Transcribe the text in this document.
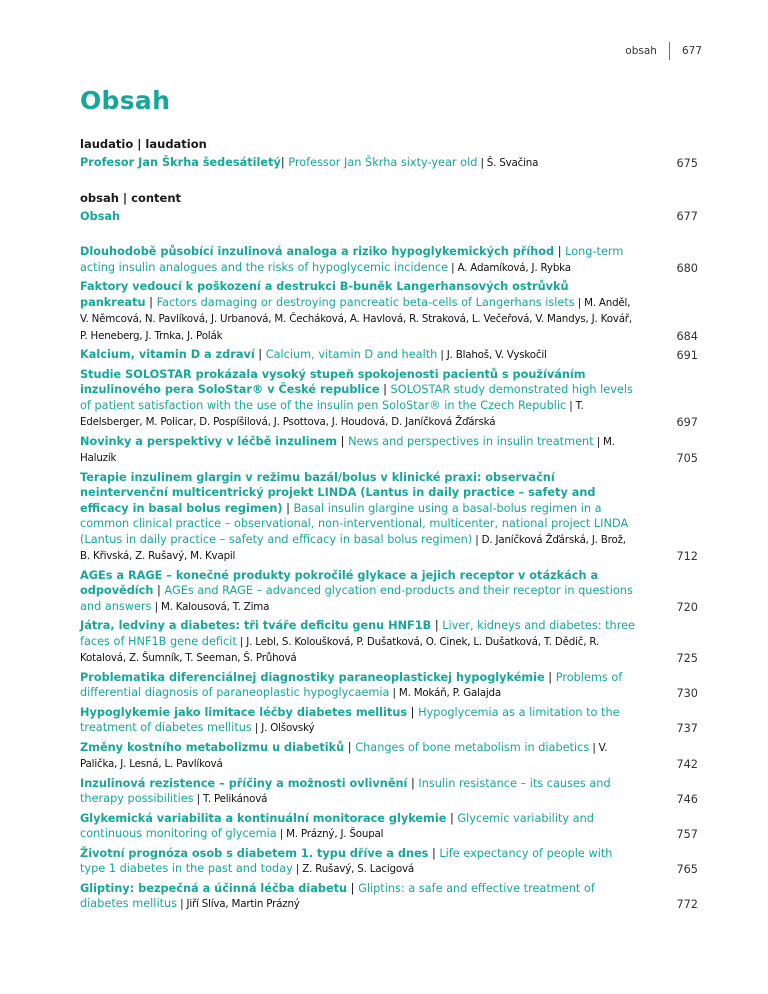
obsah 677
Obsah
laudatio | laudation
Profesor Jan Škrha šedesátiletý| Professor Jan Škrha sixty-year old | Š. Svačina	675
obsah | content
Obsah	677
Dlouhodobě působící inzulinová analoga a riziko hypoglykemických příhod | Long-term acting insulin analogues and the risks of hypoglycemic incidence | A. Adamíková, J. Rybka	680
Faktory vedoucí k poškození a destrukci B-buněk Langerhansových ostrůvků pankreatu | Factors damaging or destroying pancreatic beta-cells of Langerhans islets | M. Anděl, V. Němcová, N. Pavlíková, J. Urbanová, M. Čecháková, A. Havlová, R. Straková, L. Večeřová, V. Mandys, J. Kovář, P. Heneberg, J. Trnka, J. Polák	684
Kalcium, vitamin D a zdraví | Calcium, vitamin D and health | J. Blahoš, V. Vyskočil	691
Studie SOLOSTAR prokázala vysoký stupeň spokojenosti pacientů s používáním inzulinového pera SoloStar® v České republice | SOLOSTAR study demonstrated high levels of patient satisfaction with the use of the insulin pen SoloStar® in the Czech Republic | T. Edelsberger, M. Policar, D. Pospíšilová, J. Psottova, J. Houdová, D. Janíčková Žďárská	697
Novinky a perspektivy v léčbě inzulinem | News and perspectives in insulin treatment | M. Haluzík	705
Terapie inzulinem glargin v režimu bazál/bolus v klinické praxi: observační neintervenční multicentrický projekt LINDA (Lantus in daily practice – safety and efficacy in basal bolus regimen) | Basal insulin glargine using a basal-bolus regimen in a common clinical practice – observational, non-interventional, multicenter, national project LINDA (Lantus in daily practice – safety and efficacy in basal bolus regimen) | D. Janíčková Žďárská, J. Brož, B. Křivská, Z. Rušavý, M. Kvapil	712
AGEs a RAGE – konečné produkty pokročilé glykace a jejich receptor v otázkách a odpovědích | AGEs and RAGE – advanced glycation end-products and their receptor in questions and answers | M. Kalousová, T. Zima	720
Játra, ledviny a diabetes: tři tváře deficitu genu HNF1B | Liver, kidneys and diabetes: three faces of HNF1B gene deficit | J. Lebl, S. Koloušková, P. Dušatková, O. Cinek, L. Dušatková, T. Dědič, R. Kotalová, Z. Šumník, T. Seeman, Š. Průhová	725
Problematika diferenciálnej diagnostiky paraneoplastickej hypoglykémie | Problems of differential diagnosis of paraneoplastic hypoglycaemia | M. Mokáň, P. Galajda	730
Hypoglykemie jako limitace léčby diabetes mellitus | Hypoglycemia as a limitation to the treatment of diabetes mellitus | J. Olšovský	737
Změny kostního metabolizmu u diabetiků | Changes of bone metabolism in diabetics | V. Palička, J. Lesná, L. Pavlíková	742
Inzulinová rezistence – příčiny a možnosti ovlivnění | Insulin resistance – its causes and therapy possibilities | T. Pelikánová	746
Glykemická variabilita a kontinuální monitorace glykemie | Glycemic variability and continuous monitoring of glycemia | M. Prázný, J. Šoupal	757
Životní prognóza osob s diabetem 1. typu dříve a dnes | Life expectancy of people with type 1 diabetes in the past and today | Z. Rušavý, S. Lacigová	765
Gliptiny: bezpečná a účinná léčba diabetu | Gliptins: a safe and effective treatment of diabetes mellitus | Jiří Slíva, Martin Prázný	772
